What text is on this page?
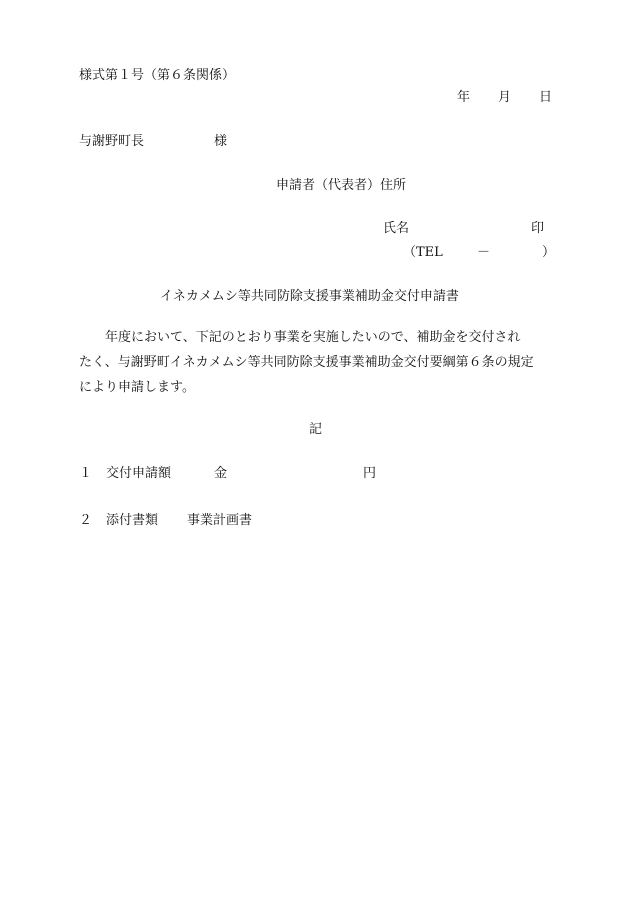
様式第１号（第６条関係）
年 月 日
与謝野町長	様
申請者（代表者）住所
氏名	印
（TEL	－	）
イネカメムシ等共同防除支援事業補助金交付申請書
　　年度において、下記のとおり事業を実施したいので、補助金を交付され
たく、与謝野町イネカメムシ等共同防除支援事業補助金交付要綱第６条の規定
により申請します。
記
１ 交付申請額	金	円
２ 添付書類 事業計画書
